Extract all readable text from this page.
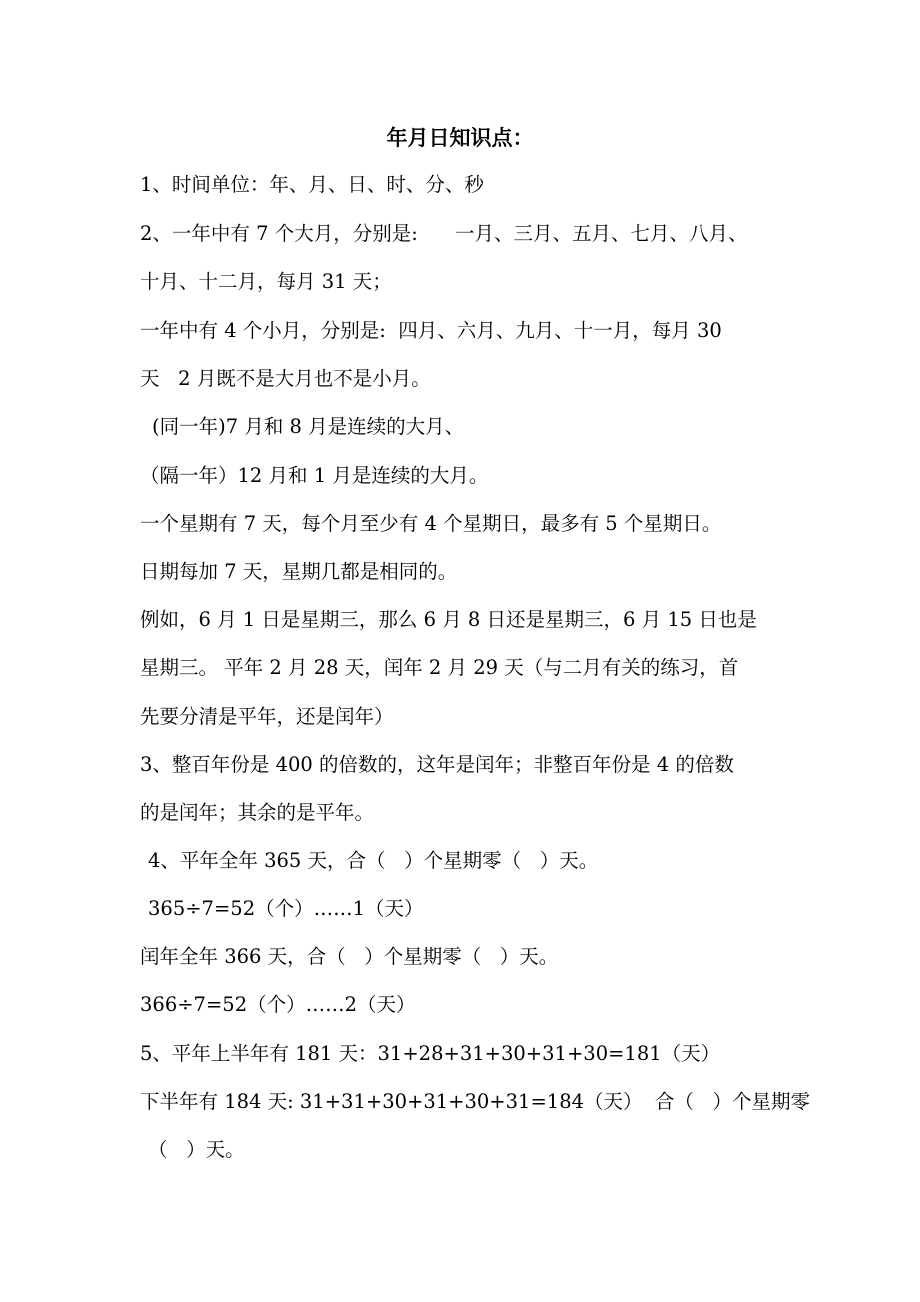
年月日知识点：
1、时间单位：年、月、日、时、分、秒
2、一年中有 7 个大月，分别是:      一月、三月、五月、七月、八月、
十月、十二月，每月 31 天；
一年中有 4 个小月，分别是:  四月、六月、九月、十一月，每月 30
天   2 月既不是大月也不是小月。
(同一年)7 月和 8 月是连续的大月、
（隔一年）12 月和 1 月是连续的大月。
一个星期有 7 天，每个月至少有 4 个星期日，最多有 5 个星期日。
日期每加 7 天，星期几都是相同的。
例如，6 月 1 日是星期三，那么 6 月 8 日还是星期三，6 月 15 日也是
星期三。 平年 2 月 28 天，闰年 2 月 29 天（与二月有关的练习，首
先要分清是平年，还是闰年）
3、整百年份是 400 的倍数的，这年是闰年；非整百年份是 4 的倍数
的是闰年；其余的是平年。
4、平年全年 365 天，合（   ）个星期零（   ）天。
365÷7=52（个）……1（天）
闰年全年 366 天，合（   ）个星期零（   ）天。
366÷7=52（个）……2（天）
5、平年上半年有 181 天：31+28+31+30+31+30=181（天）
下半年有 184 天: 31+31+30+31+30+31=184（天）  合（   ）个星期零
（   ）天。
